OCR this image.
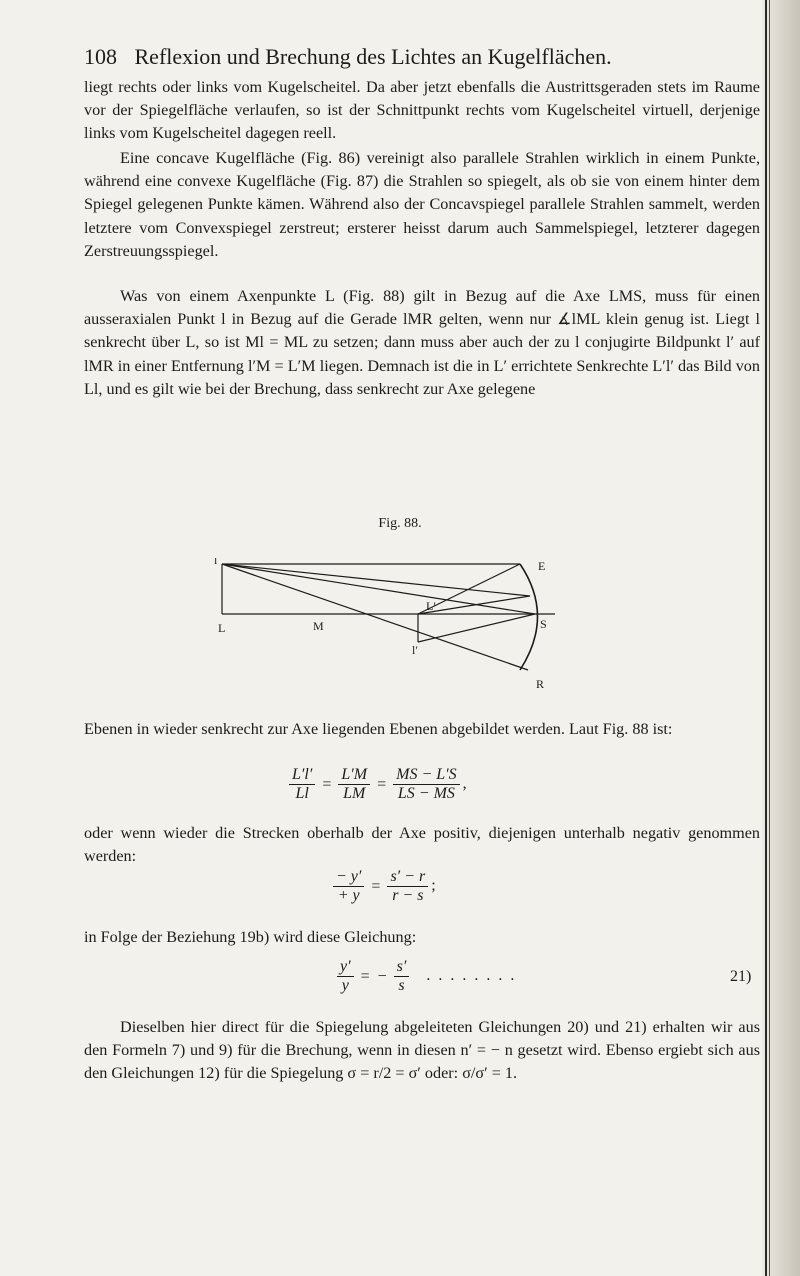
108 Reflexion und Brechung des Lichtes an Kugelflächen.

liegt rechts oder links vom Kugelscheitel. Da aber jetzt ebenfalls die Austrittsgeraden stets im Raume vor der Spiegelfläche verlaufen, so ist der Schnittpunkt rechts vom Kugelscheitel virtuell, derjenige links vom Kugelscheitel dagegen reell.

Eine concave Kugelfläche (Fig. 86) vereinigt also parallele Strahlen wirklich in einem Punkte, während eine convexe Kugelfläche (Fig. 87) die Strahlen so spiegelt, als ob sie von einem hinter dem Spiegel gelegenen Punkte kämen. Während also der Concavspiegel parallele Strahlen sammelt, werden letztere vom Convexspiegel zerstreut; ersterer heisst darum auch Sammelspiegel, letzterer dagegen Zerstreuungsspiegel.

Was von einem Axenpunkte L (Fig. 88) gilt in Bezug auf die Axe LMS, muss für einen ausseraxialen Punkt l in Bezug auf die Gerade lMR gelten, wenn nur ∡lML klein genug ist. Liegt l senkrecht über L, so ist Ml = ML zu setzen; dann muss aber auch der zu l conjugirte Bildpunkt l′ auf lMR in einer Entfernung l′M = L′M liegen. Demnach ist die in L′ errichtete Senkrechte L′l′ das Bild von Ll, und es gilt wie bei der Brechung, dass senkrecht zur Axe gelegene

Fig. 88.
l	E
L	M
L′
S
l′
R

Ebenen in wieder senkrecht zur Axe liegenden Ebenen abgebildet werden. Laut Fig. 88 ist:

$\frac{L'l'}{Ll} = \frac{L'M}{LM} = \frac{MS - L'S}{LS - MS}$ ,

oder wenn wieder die Strecken oberhalb der Axe positiv, diejenigen unterhalb negativ genommen werden:

$\frac{- y'}{+ y} = \frac{s' - r}{r - s}$ ;

in Folge der Beziehung 19b) wird diese Gleichung:

$\frac{y'}{y}$ = − $\frac{s'}{s}$ . . . . . . . .	21)

Dieselben hier direct für die Spiegelung abgeleiteten Gleichungen 20) und 21) erhalten wir aus den Formeln 7) und 9) für die Brechung, wenn in diesen n′ = − n gesetzt wird. Ebenso ergiebt sich aus den Gleichungen 12) für die Spiegelung σ = r/2 = σ′ oder: σ/σ′ = 1.
